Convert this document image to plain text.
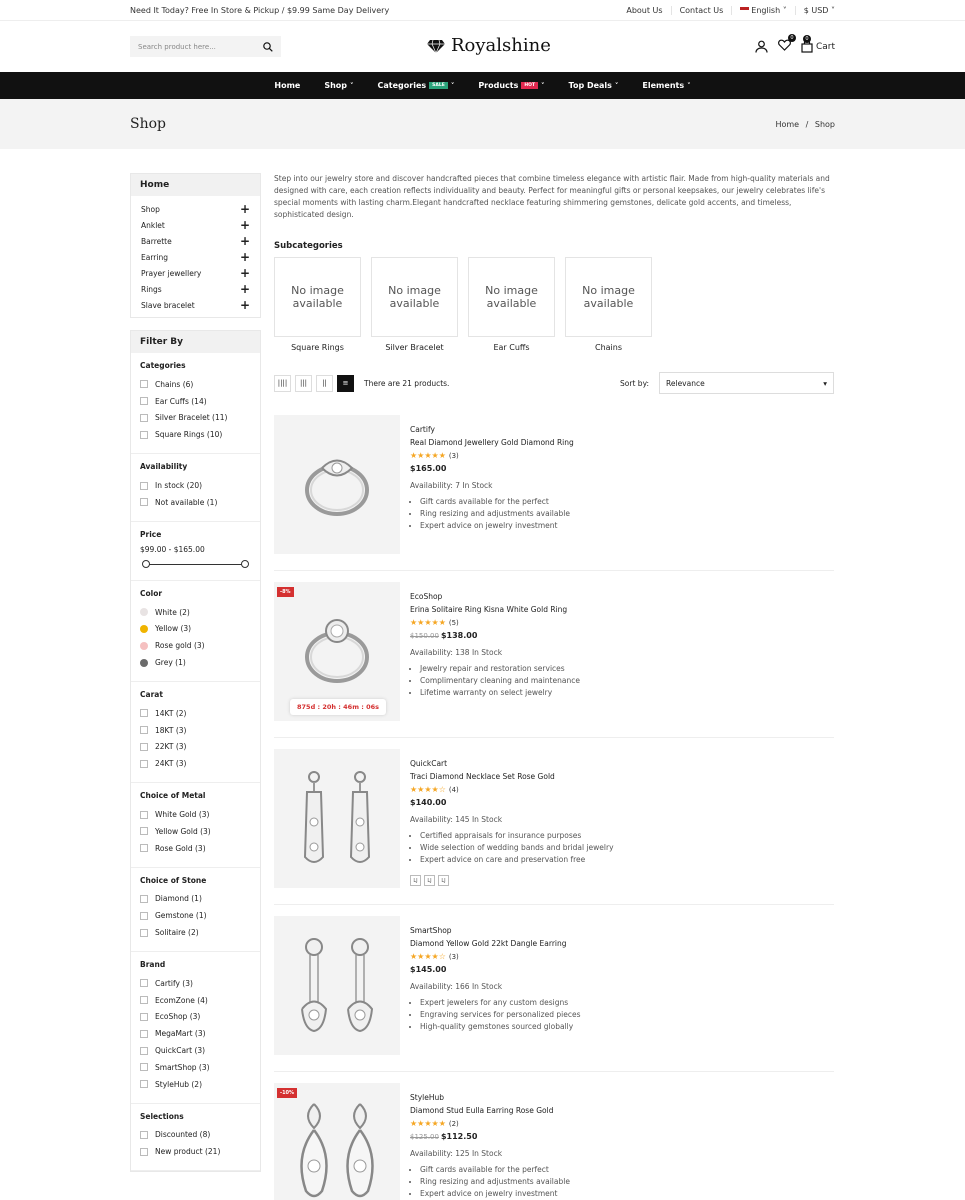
Need It Today? Free In Store & Pickup / $9.99 Same Day Delivery	About Us	Contact Us	English ˅	$ USD ˅
Search product here...	Royalshine	0	0
Cart
Home	Shop ˅	Categories	SALE ˅	Products	HOT ˅	Top Deals ˅	Elements ˅
Shop	Home / Shop
Home
Shop	+
Anklet	+
Barrette	+
Earring	+
Prayer jewellery	+
Rings	+
Slave bracelet	+
Filter By
Categories
Chains (6)
Ear Cuffs (14)
Silver Bracelet (11)
Square Rings (10)
Availability
In stock (20)
Not available (1)
Price
$99.00 - $165.00
Color
White (2)
Yellow (3)
Rose gold (3)
Grey (1)
Carat
14KT (2)
18KT (3)
22KT (3)
24KT (3)
Choice of Metal
White Gold (3)
Yellow Gold (3)
Rose Gold (3)
Choice of Stone
Diamond (1)
Gemstone (1)
Solitaire (2)
Brand
Cartify (3)
EcomZone (4)
EcoShop (3)
MegaMart (3)
QuickCart (3)
SmartShop (3)
StyleHub (2)
Selections
Discounted (8)
New product (21)

Step into our jewelry store and discover handcrafted pieces that combine timeless elegance with artistic flair. Made from high-quality materials and designed with care, each creation reflects individuality and beauty. Perfect for meaningful gifts or personal keepsakes, our jewelry celebrates life's special moments with lasting charm.Elegant handcrafted necklace featuring shimmering gemstones, delicate gold accents, and timeless, sophisticated design.

Subcategories
No image available
Square Rings
No image available
Silver Bracelet
No image available
Ear Cuffs
No image available
Chains
||||	|||	||	≡	There are 21 products.	Sort by: Relevance	▾
Cartify
Real Diamond Jewellery Gold Diamond Ring
★★★★★ (3)
$165.00
Availability: 7 In Stock
• Gift cards available for the perfect
• Ring resizing and adjustments available
• Expert advice on jewelry investment
-8%
875d : 20h : 46m : 06s
EcoShop
Erina Solitaire Ring Kisna White Gold Ring
★★★★★ (5)
$150.00 $138.00
Availability: 138 In Stock
• Jewelry repair and restoration services
• Complimentary cleaning and maintenance
• Lifetime warranty on select jewelry
QuickCart
Traci Diamond Necklace Set Rose Gold
★★★★☆ (4)
$140.00
Availability: 145 In Stock
• Certified appraisals for insurance purposes
• Wide selection of wedding bands and bridal jewelry
• Expert advice on care and preservation free
LJ	LJ	LJ
SmartShop
Diamond Yellow Gold 22kt Dangle Earring
★★★★☆ (3)
$145.00
Availability: 166 In Stock
• Expert jewelers for any custom designs
• Engraving services for personalized pieces
• High-quality gemstones sourced globally
-10%	StyleHub
Diamond Stud Eulla Earring Rose Gold
★★★★★ (2)
$125.00 $112.50
Availability: 125 In Stock
• Gift cards available for the perfect
• Ring resizing and adjustments available
• Expert advice on jewelry investment
